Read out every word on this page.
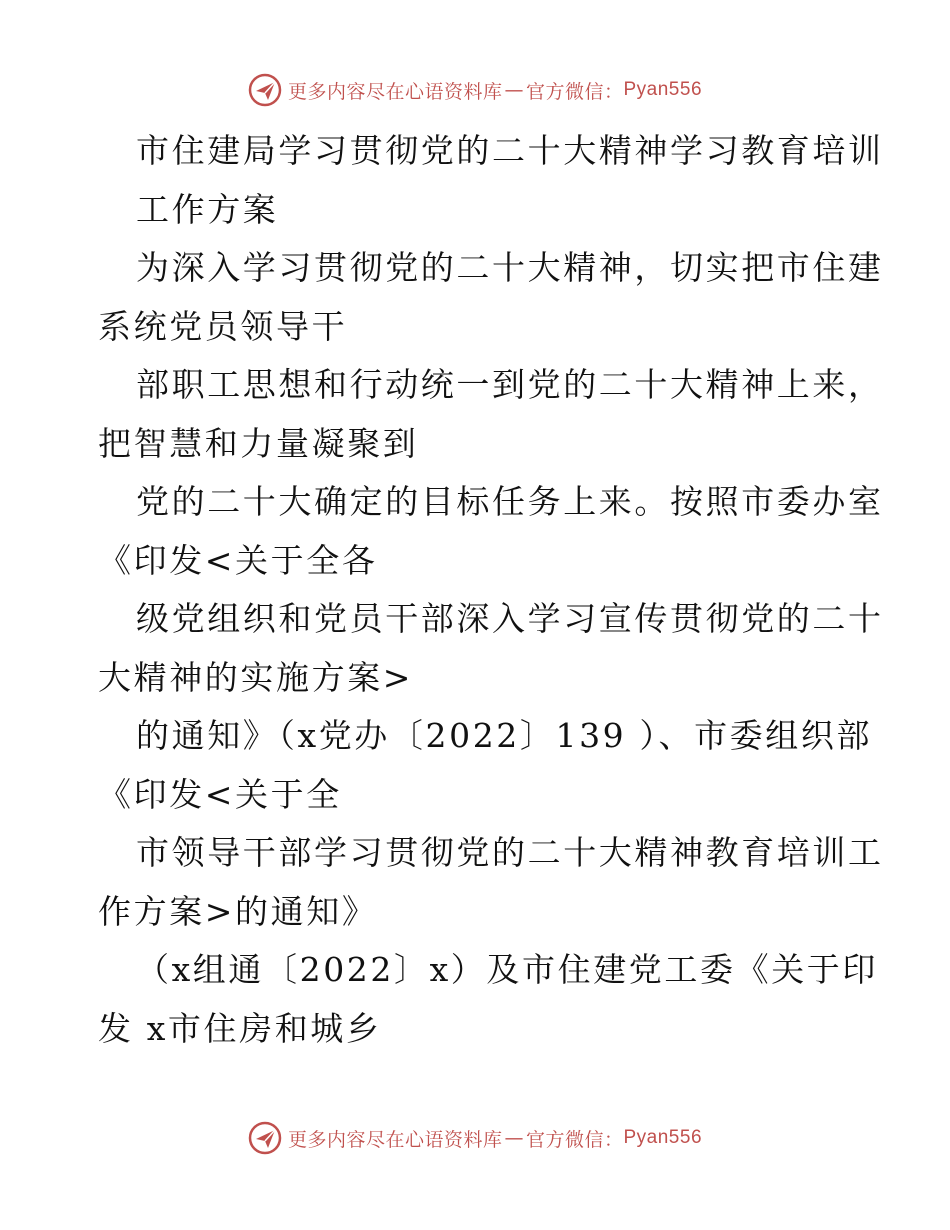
更多内容尽在心语资料库 — 官方微信： Pyan556
市住建局学习贯彻党的二十大精神学习教育培训
工作方案
为深入学习贯彻党的二十大精神，切实把市住建
系统党员领导干
部职工思想和行动统一到党的二十大精神上来，
把智慧和力量凝聚到
党的二十大确定的目标任务上来。按照市委办室
《印发<关于全各
级党组织和党员干部深入学习宣传贯彻党的二十
大精神的实施方案>
的通知》（x党办〔2022〕139 ）、市委组织部
《印发<关于全
市领导干部学习贯彻党的二十大精神教育培训工
作方案>的通知》
（x组通〔2022〕x）及市住建党工委《关于印
发 x市住房和城乡
更多内容尽在心语资料库 — 官方微信： Pyan556
